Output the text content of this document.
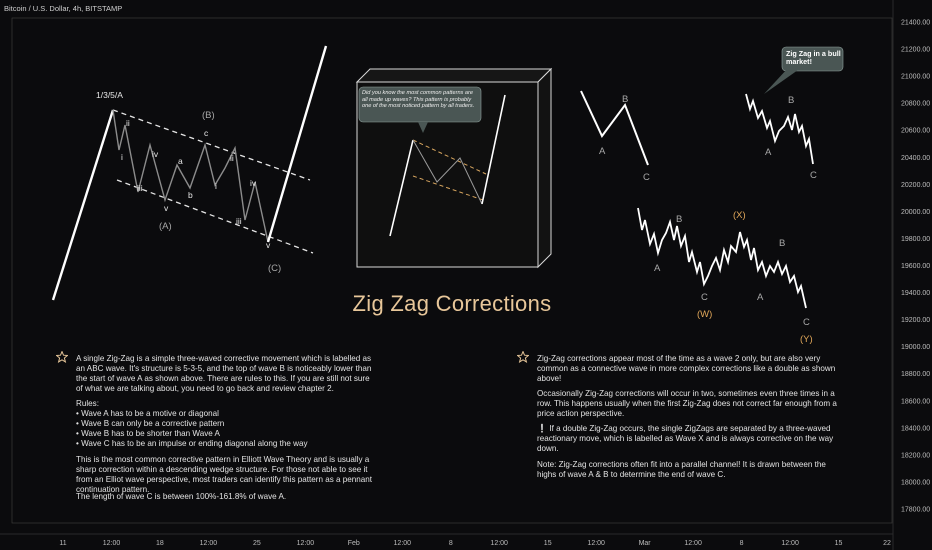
21400.00
21200.00
21000.00
20800.00
20600.00
20400.00
20200.00
20000.00
19800.00
19600.00
19400.00
19200.00
19000.00
18800.00
18600.00
18400.00
18200.00
18000.00
17800.00
11	12:00	18	12:00	25	12:00	Feb	12:00	8	12:00	15	12:00	Mar	12:00	8	12:00	15	22
1/3/5/A
(B)
(A)
(C)
ii
i
iii
iv
v
a
b
c
ii
i
iii
iv
v
A
B
C
A
B
C
A
B
C
(W)
(X)
A
B
C
(Y)
Bitcoin / U.S. Dollar, 4h, BITSTAMP
Did you know the most common patterns are all made up waves? This pattern is probably one of the most noticed pattern by all traders.
Zig Zag in a bull market!
Zig Zag Corrections
A single Zig-Zag is a simple three-waved corrective movement which is labelled as an ABC wave. It's structure is 5-3-5, and the top of wave B is noticeably lower than the start of wave A as shown above. There are rules to this. If you are still not sure of what we are talking about, you need to go back and review chapter 2.
Rules:
• Wave A has to be a motive or diagonal
• Wave B can only be a corrective pattern
• Wave B has to be shorter than Wave A
• Wave C has to be an impulse or ending diagonal along the way
This is the most common corrective pattern in Elliott Wave Theory and is usually a sharp correction within a descending wedge structure. For those not able to see it from an Elliot wave perspective, most traders can identify this pattern as a pennant continuation pattern.
The length of wave C is between 100%-161.8% of wave A.
Zig-Zag corrections appear most of the time as a wave 2 only, but are also very common as a connective wave in more complex corrections like a double as shown above!
Occasionally Zig-Zag corrections will occur in two, sometimes even three times in a row. This happens usually when the first Zig-Zag does not correct far enough from a price action perspective.
❕ If a double Zig-Zag occurs, the single ZigZags are separated by a three-waved reactionary move, which is labelled as Wave X and is always corrective on the way down.
Note: Zig-Zag corrections often fit into a parallel channel! It is drawn between the highs of wave A & B to determine the end of wave C.
